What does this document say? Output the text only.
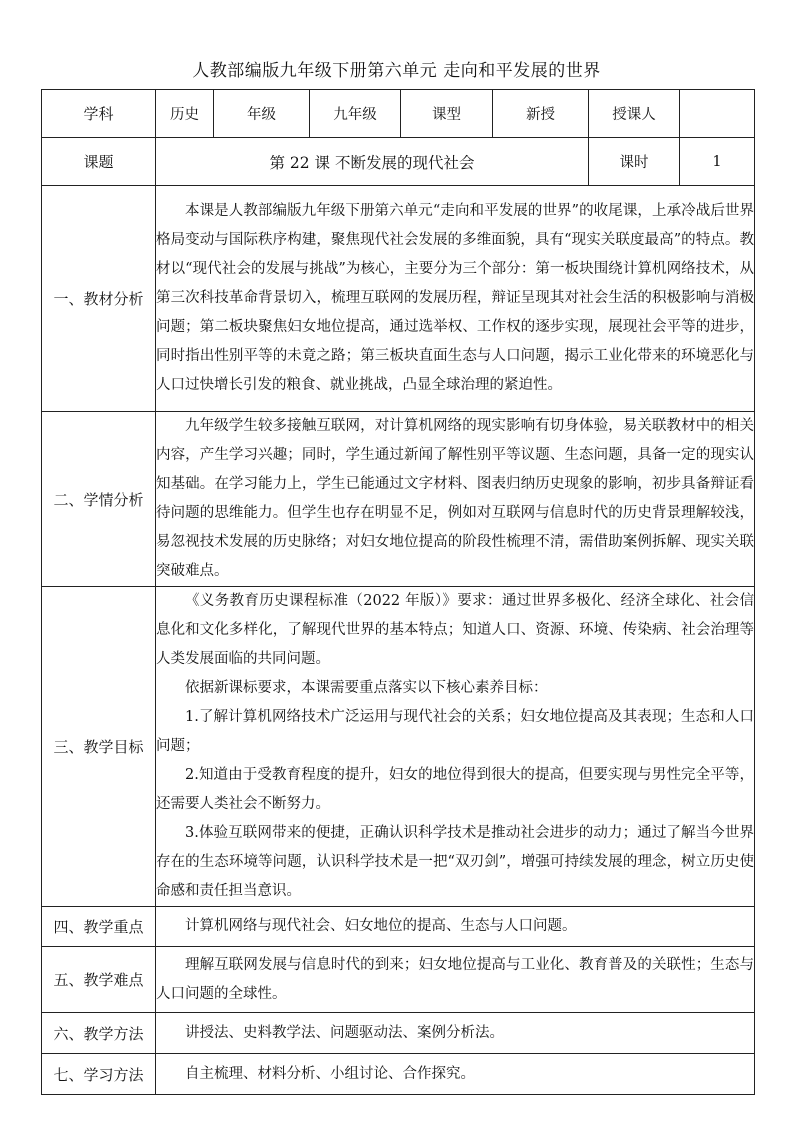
人教部编版九年级下册第六单元 走向和平发展的世界
学科	历史	年级	九年级	课型	新授	授课人	
课题	第 22 课 不断发展的现代社会					课时	1
一、教材分析	本课是人教部编版九年级下册第六单元“走向和平发展的世界”的收尾课，上承冷战后世界格局变动与国际秩序构建，聚焦现代社会发展的多维面貌，具有“现实关联度最高”的特点。教材以“现代社会的发展与挑战”为核心，主要分为三个部分：第一板块围绕计算机网络技术，从第三次科技革命背景切入，梳理互联网的发展历程，辩证呈现其对社会生活的积极影响与消极问题；第二板块聚焦妇女地位提高，通过选举权、工作权的逐步实现，展现社会平等的进步，同时指出性别平等的未竟之路；第三板块直面生态与人口问题，揭示工业化带来的环境恶化与人口过快增长引发的粮食、就业挑战，凸显全球治理的紧迫性。						

二、学情分析	九年级学生较多接触互联网，对计算机网络的现实影响有切身体验，易关联教材中的相关内容，产生学习兴趣；同时，学生通过新闻了解性别平等议题、生态问题，具备一定的现实认知基础。在学习能力上，学生已能通过文字材料、图表归纳历史现象的影响，初步具备辩证看待问题的思维能力。但学生也存在明显不足，例如对互联网与信息时代的历史背景理解较浅，易忽视技术发展的历史脉络；对妇女地位提高的阶段性梳理不清，需借助案例拆解、现实关联突破难点。						

三、教学目标	《义务教育历史课程标准（2022 年版）》要求：通过世界多极化、经济全球化、社会信息化和文化多样化，了解现代世界的基本特点；知道人口、资源、环境、传染病、社会治理等人类发展面临的共同问题。

依据新课标要求，本课需要重点落实以下核心素养目标：

1.了解计算机网络技术广泛运用与现代社会的关系；妇女地位提高及其表现；生态和人口问题；

2.知道由于受教育程度的提升，妇女的地位得到很大的提高，但要实现与男性完全平等，还需要人类社会不断努力。

3.体验互联网带来的便捷，正确认识科学技术是推动社会进步的动力；通过了解当今世界存在的生态环境等问题，认识科学技术是一把“双刃剑”，增强可持续发展的理念，树立历史使命感和责任担当意识。						

四、教学重点	计算机网络与现代社会、妇女地位的提高、生态与人口问题。						

五、教学难点	理解互联网发展与信息时代的到来；妇女地位提高与工业化、教育普及的关联性；生态与人口问题的全球性。						

六、教学方法	讲授法、史料教学法、问题驱动法、案例分析法。						

七、学习方法	自主梳理、材料分析、小组讨论、合作探究。						
